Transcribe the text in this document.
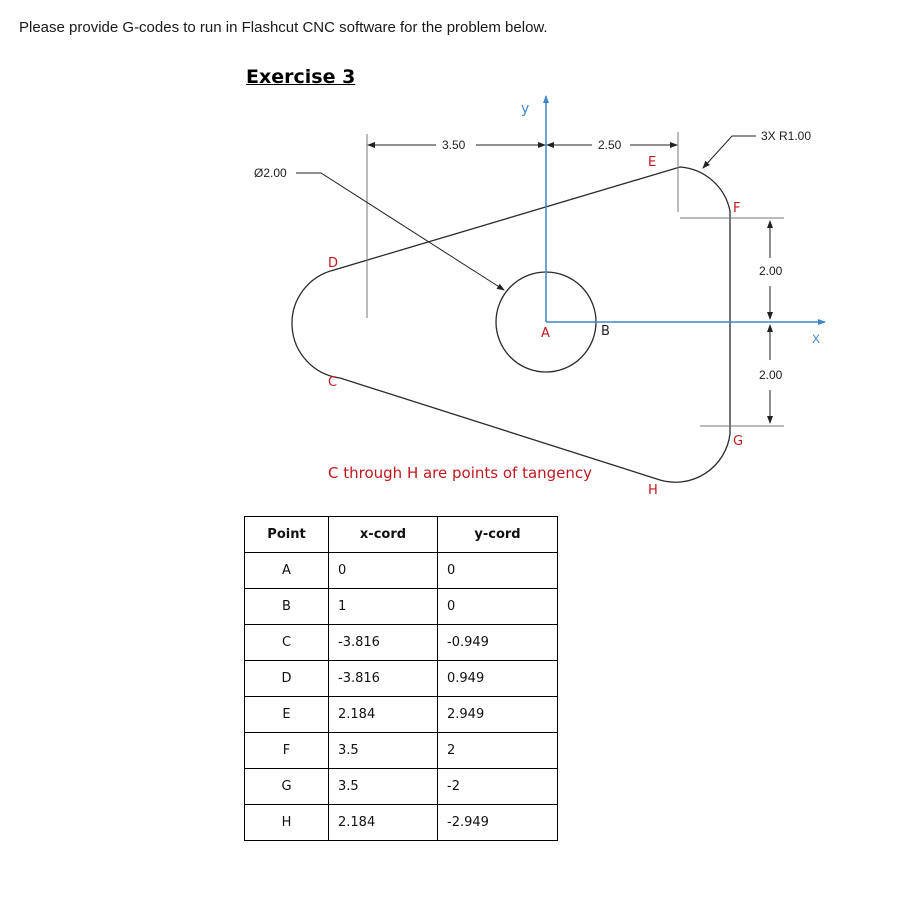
Please provide G-codes to run in Flashcut CNC software for the problem below.
Exercise 3
y
X
3.50	2.50
Ø2.00
3X R1.00
2.00
2.00
A	B
C
D
E
F
G
H
C through H are points of tangency
Point	x-cord	y-cord
A	0	0
B	1	0
C	-3.816	-0.949
D	-3.816	0.949
E	2.184	2.949
F	3.5	2
G	3.5	-2
H	2.184	-2.949
